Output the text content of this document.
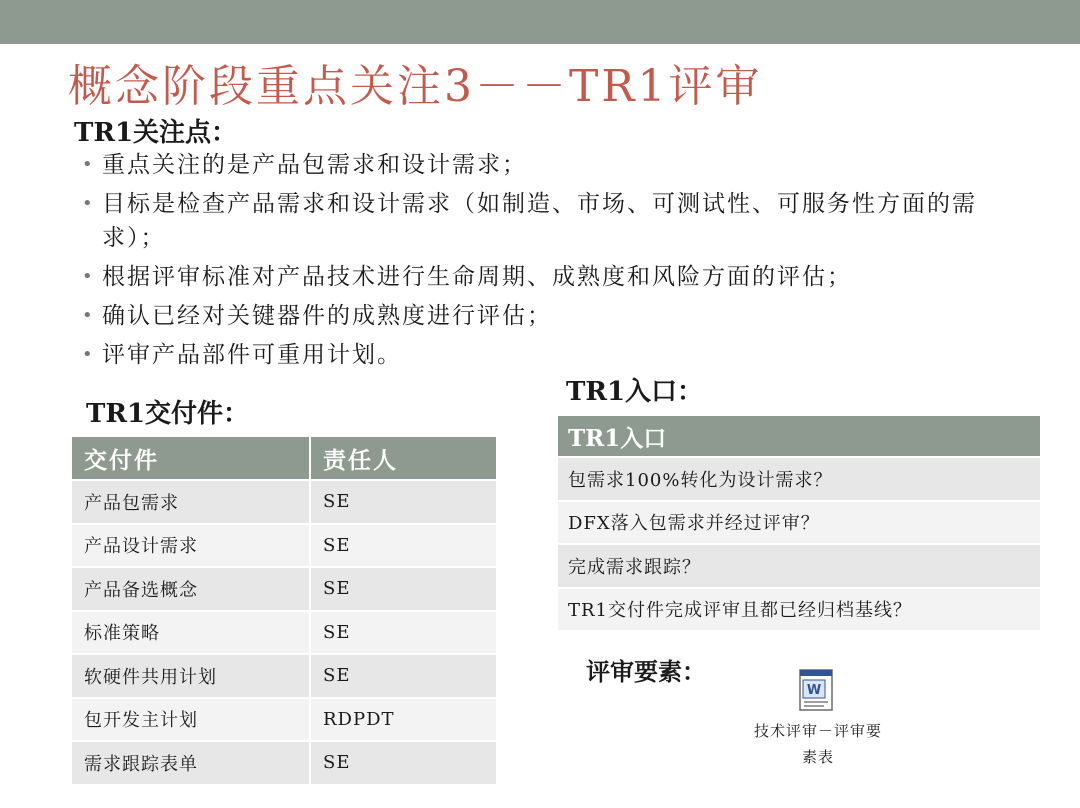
概念阶段重点关注3－－TR1评审
TR1关注点：
• 重点关注的是产品包需求和设计需求；
• 目标是检查产品需求和设计需求（如制造、市场、可测试性、可服务性方面的需求）；
• 根据评审标准对产品技术进行生命周期、成熟度和风险方面的评估；
• 确认已经对关键器件的成熟度进行评估；
• 评审产品部件可重用计划。
TR1交付件：
交付件	责任人
产品包需求	SE
产品设计需求	SE
产品备选概念	SE
标准策略	SE
软硬件共用计划	SE
包开发主计划	RDPDT
需求跟踪表单	SE
TR1入口：
TR1入口
包需求100%转化为设计需求？
DFX落入包需求并经过评审？
完成需求跟踪？
TR1交付件完成评审且都已经归档基线？
评审要素：
W
技术评审－评审要
素表
